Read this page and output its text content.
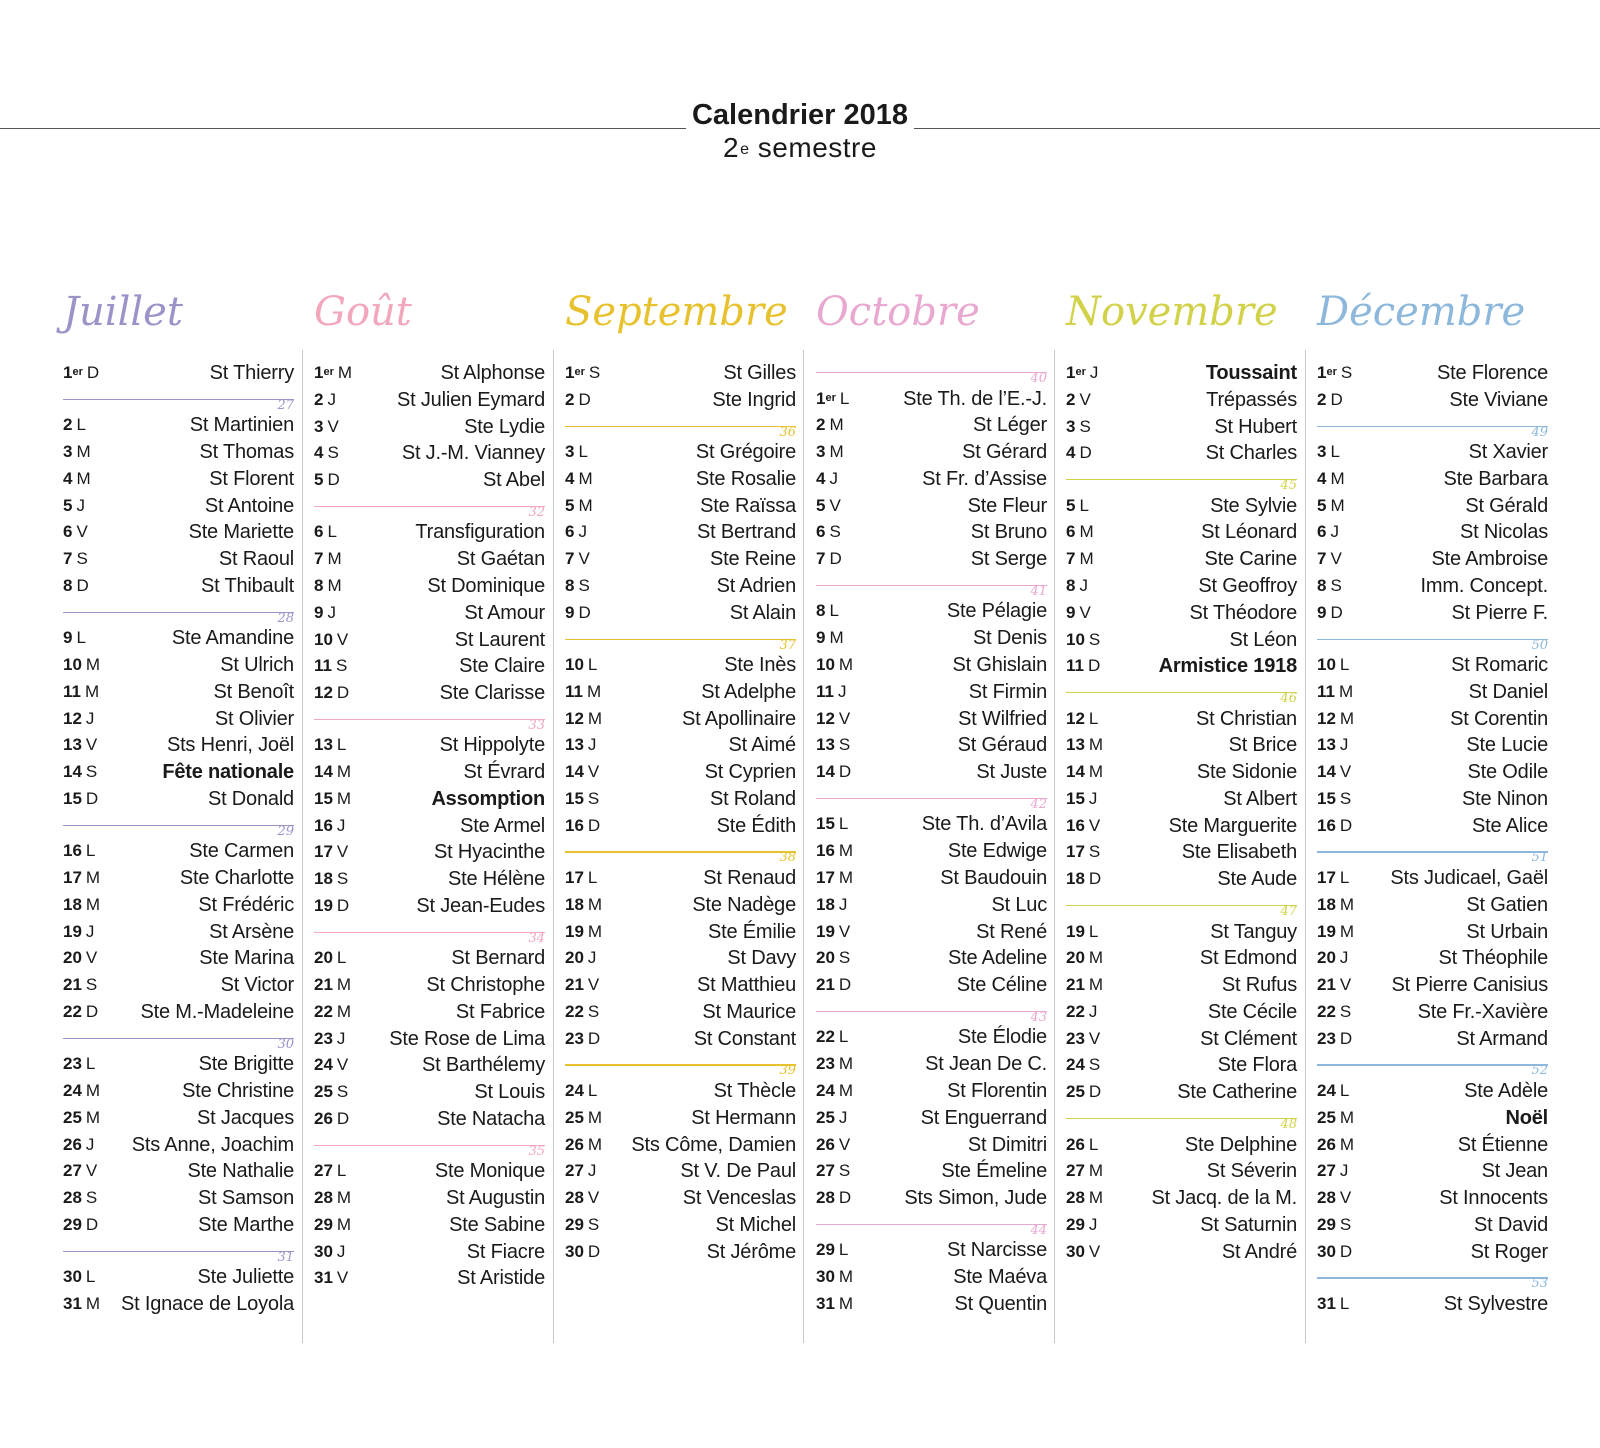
Calendrier 2018
2e semestre
Juillet
1er D	St Thierry
27
2 L	St Martinien
3 M	St Thomas
4 M	St Florent
5 J	St Antoine
6 V	Ste Mariette
7 S	St Raoul
8 D	St Thibault
28
9 L	Ste Amandine
10 M	St Ulrich
11 M	St Benoît
12 J	St Olivier
13 V	Sts Henri, Joël
14 S	Fête nationale
15 D	St Donald
29
16 L	Ste Carmen
17 M	Ste Charlotte
18 M	St Frédéric
19 J	St Arsène
20 V	Ste Marina
21 S	St Victor
22 D Ste M.-Madeleine
30
23 L	Ste Brigitte
24 M	Ste Christine
25 M	St Jacques
26 J Sts Anne, Joachim
27 V	Ste Nathalie
28 S	St Samson
29 D	Ste Marthe
31
30 L	Ste Juliette
31 M St Ignace de Loyola
Goût
1er M	St Alphonse
2 J	St Julien Eymard
3 V	Ste Lydie
4 S	St J.-M. Vianney
5 D	St Abel
32
6 L	Transfiguration
7 M	St Gaétan
8 M	St Dominique
9 J	St Amour
10 V	St Laurent
11 S	Ste Claire
12 D	Ste Clarisse
33
13 L	St Hippolyte
14 M	St Évrard
15 M	Assomption
16 J	Ste Armel
17 V	St Hyacinthe
18 S	Ste Hélène
19 D	St Jean-Eudes
34
20 L	St Bernard
21 M	St Christophe
22 M	St Fabrice
23 J Ste Rose de Lima
24 V	St Barthélemy
25 S	St Louis
26 D	Ste Natacha
35
27 L	Ste Monique
28 M	St Augustin
29 M	Ste Sabine
30 J	St Fiacre
31 V	St Aristide
Septembre
1er S	St Gilles
2 D	Ste Ingrid
36
3 L	St Grégoire
4 M	Ste Rosalie
5 M	Ste Raïssa
6 J	St Bertrand
7 V	Ste Reine
8 S	St Adrien
9 D	St Alain
37
10 L	Ste Inès
11 M	St Adelphe
12 M	St Apollinaire
13 J	St Aimé
14 V	St Cyprien
15 S	St Roland
16 D	Ste Édith
38
17 L	St Renaud
18 M	Ste Nadège
19 M	Ste Émilie
20 J	St Davy
21 V	St Matthieu
22 S	St Maurice
23 D	St Constant
39
24 L	St Thècle
25 M	St Hermann
26 M Sts Côme, Damien
27 J	St V. De Paul
28 V	St Venceslas
29 S	St Michel
30 D	St Jérôme
Octobre
40
1er L	Ste Th. de l’E.-J.
2 M	St Léger
3 M	St Gérard
4 J	St Fr. d’Assise
5 V	Ste Fleur
6 S	St Bruno
7 D	St Serge
41
8 L	Ste Pélagie
9 M	St Denis
10 M	St Ghislain
11 J	St Firmin
12 V	St Wilfried
13 S	St Géraud
14 D	St Juste
42
15 L	Ste Th. d’Avila
16 M	Ste Edwige
17 M	St Baudouin
18 J	St Luc
19 V	St René
20 S	Ste Adeline
21 D	Ste Céline
43
22 L	Ste Élodie
23 M	St Jean De C.
24 M	St Florentin
25 J	St Enguerrand
26 V	St Dimitri
27 S	Ste Émeline
28 D	Sts Simon, Jude
44
29 L	St Narcisse
30 M	Ste Maéva
31 M	St Quentin
Novembre
1er J	Toussaint
2 V	Trépassés
3 S	St Hubert
4 D	St Charles
45
5 L	Ste Sylvie
6 M	St Léonard
7 M	Ste Carine
8 J	St Geoffroy
9 V	St Théodore
10 S	St Léon
11 D	Armistice 1918
46
12 L	St Christian
13 M	St Brice
14 M	Ste Sidonie
15 J	St Albert
16 V	Ste Marguerite
17 S	Ste Elisabeth
18 D	Ste Aude
47
19 L	St Tanguy
20 M	St Edmond
21 M	St Rufus
22 J	Ste Cécile
23 V	St Clément
24 S	Ste Flora
25 D	Ste Catherine
48
26 L	Ste Delphine
27 M	St Séverin
28 M St Jacq. de la M.
29 J	St Saturnin
30 V	St André
Décembre
1er S	Ste Florence
2 D	Ste Viviane
49
3 L	St Xavier
4 M	Ste Barbara
5 M	St Gérald
6 J	St Nicolas
7 V	Ste Ambroise
8 S	Imm. Concept.
9 D	St Pierre F.
50
10 L	St Romaric
11 M	St Daniel
12 M	St Corentin
13 J	Ste Lucie
14 V	Ste Odile
15 S	Ste Ninon
16 D	Ste Alice
51
17 L Sts Judicael, Gaël
18 M	St Gatien
19 M	St Urbain
20 J	St Théophile
21 V St Pierre Canisius
22 S	Ste Fr.-Xavière
23 D	St Armand
52
24 L	Ste Adèle
25 M	Noël
26 M	St Étienne
27 J	St Jean
28 V	St Innocents
29 S	St David
30 D	St Roger
53
31 L	St Sylvestre
